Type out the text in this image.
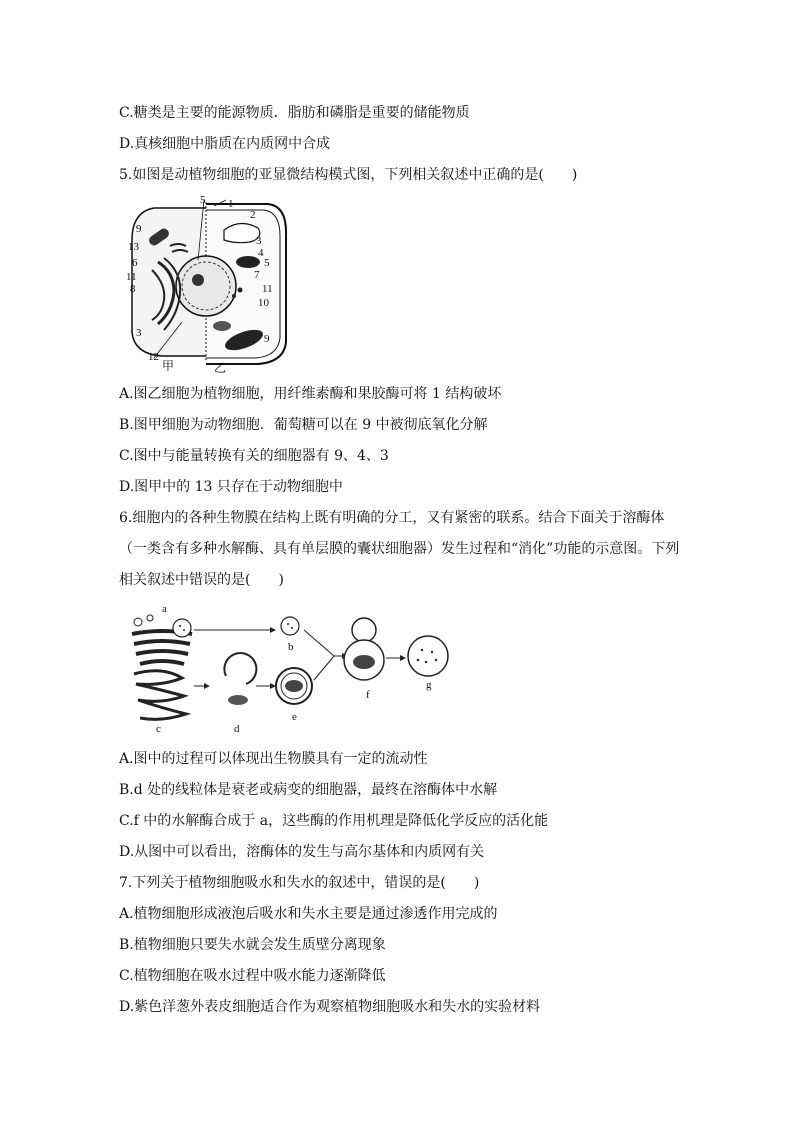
C.糖类是主要的能源物质．脂肪和磷脂是重要的储能物质
D.真核细胞中脂质在内质网中合成
5.如图是动植物细胞的亚显微结构模式图，下列相关叙述中正确的是(　　)
9
13
6
11
8
3
12
5 1
2
3
4
5
7
11
10
9
甲	乙
A.图乙细胞为植物细胞，用纤维素酶和果胶酶可将 1 结构破坏
B.图甲细胞为动物细胞．葡萄糖可以在 9 中被彻底氧化分解
C.图中与能量转换有关的细胞器有 9、4、3
D.图甲中的 13 只存在于动物细胞中
6.细胞内的各种生物膜在结构上既有明确的分工，又有紧密的联系。结合下面关于溶酶体
（一类含有多种水解酶、具有单层膜的囊状细胞器）发生过程和“消化”功能的示意图。下列
相关叙述中错误的是(　　)
a
b
c	d
e
f
g
A.图中的过程可以体现出生物膜具有一定的流动性
B.d 处的线粒体是衰老或病变的细胞器，最终在溶酶体中水解
C.f 中的水解酶合成于 a，这些酶的作用机理是降低化学反应的活化能
D.从图中可以看出，溶酶体的发生与高尔基体和内质网有关
7.下列关于植物细胞吸水和失水的叙述中，错误的是(　　)
A.植物细胞形成液泡后吸水和失水主要是通过渗透作用完成的
B.植物细胞只要失水就会发生质壁分离现象
C.植物细胞在吸水过程中吸水能力逐渐降低
D.紫色洋葱外表皮细胞适合作为观察植物细胞吸水和失水的实验材料
